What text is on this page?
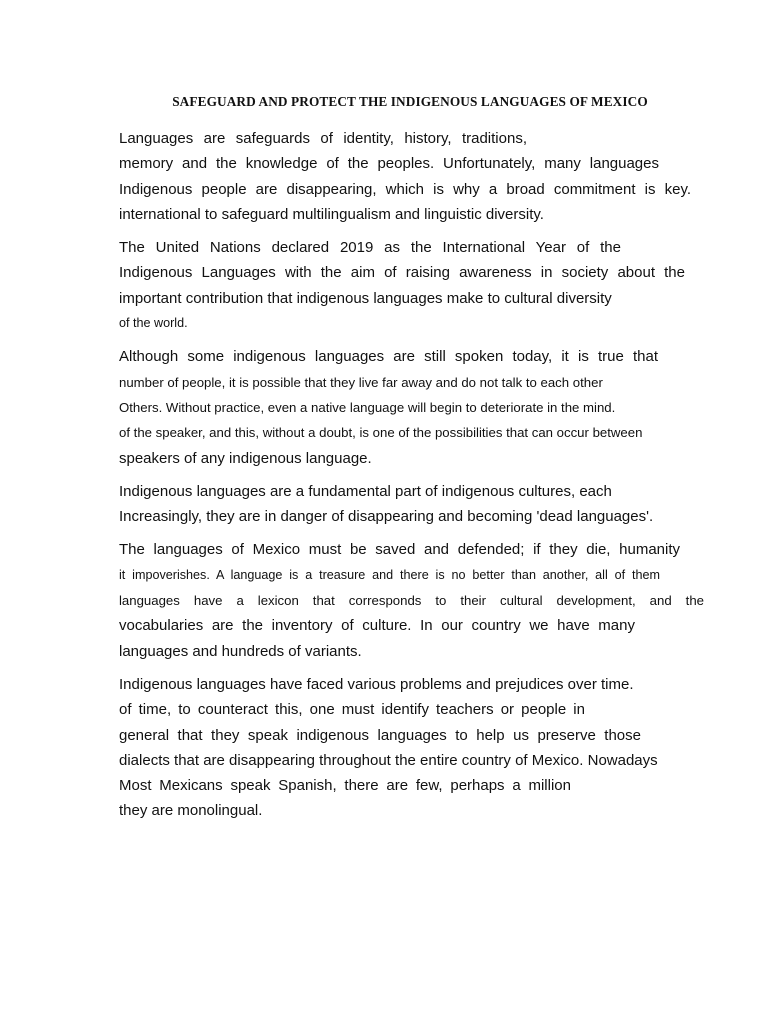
SAFEGUARD AND PROTECT THE INDIGENOUS LANGUAGES OF MEXICO
Languages are safeguards of identity, history, traditions,
memory and the knowledge of the peoples. Unfortunately, many languages
Indigenous people are disappearing, which is why a broad commitment is key.
international to safeguard multilingualism and linguistic diversity.
The United Nations declared 2019 as the International Year of the
Indigenous Languages with the aim of raising awareness in society about the
important contribution that indigenous languages make to cultural diversity
of the world.
Although some indigenous languages are still spoken today, it is true that
number of people, it is possible that they live far away and do not talk to each other
Others. Without practice, even a native language will begin to deteriorate in the mind.
of the speaker, and this, without a doubt, is one of the possibilities that can occur between
speakers of any indigenous language.
Indigenous languages are a fundamental part of indigenous cultures, each
Increasingly, they are in danger of disappearing and becoming 'dead languages'.
The languages of Mexico must be saved and defended; if they die, humanity
it impoverishes. A language is a treasure and there is no better than another, all of them
languages have a lexicon that corresponds to their cultural development, and the
vocabularies are the inventory of culture. In our country we have many
languages and hundreds of variants.
Indigenous languages have faced various problems and prejudices over time.
of time, to counteract this, one must identify teachers or people in
general that they speak indigenous languages to help us preserve those
dialects that are disappearing throughout the entire country of Mexico. Nowadays
Most Mexicans speak Spanish, there are few, perhaps a million
they are monolingual.
